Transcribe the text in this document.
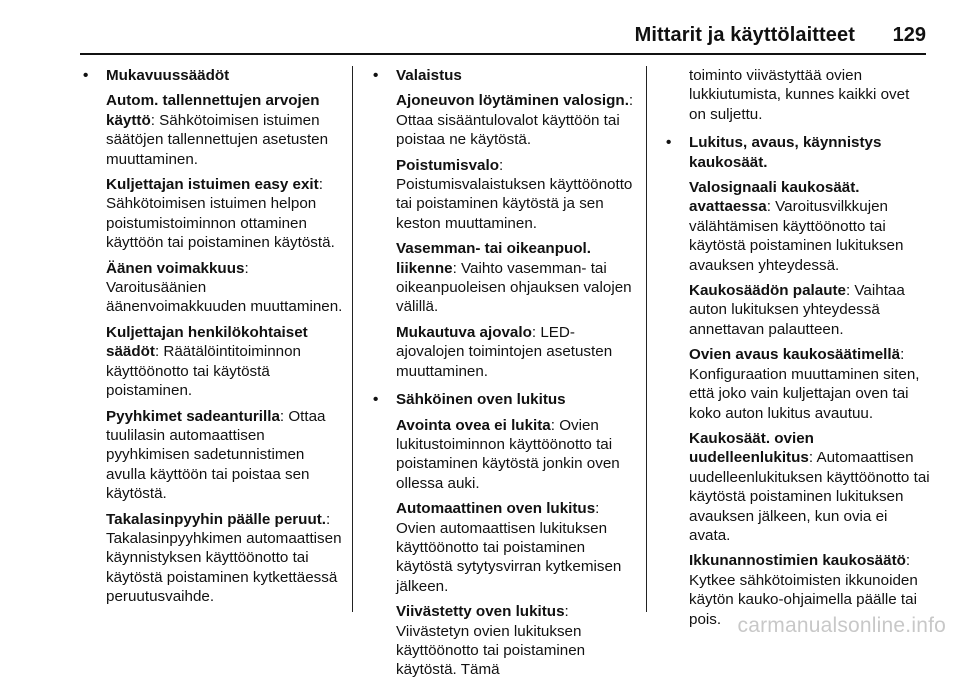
Mittarit ja käyttölaitteet 129
• Mukavuussäädöt
Autom. tallennettujen arvojen käyttö: Sähkötoimisen istuimen säätöjen tallennettujen asetusten muuttaminen.
Kuljettajan istuimen easy exit: Sähkötoimisen istuimen helpon poistumistoiminnon ottaminen käyttöön tai poistaminen käytöstä.
Äänen voimakkuus: Varoitusäänien äänenvoimakkuuden muuttaminen.
Kuljettajan henkilökohtaiset säädöt: Räätälöintitoiminnon käyttöönotto tai käytöstä poistaminen.
Pyyhkimet sadeanturilla: Ottaa tuulilasin automaattisen pyyhkimisen sadetunnistimen avulla käyttöön tai poistaa sen käytöstä.
Takalasinpyyhin päälle peruut.: Takalasinpyyhkimen automaattisen käynnistyksen käyttöönotto tai käytöstä poistaminen kytkettäessä peruutusvaihde.
• Valaistus
Ajoneuvon löytäminen valosign.: Ottaa sisääntulovalot käyttöön tai poistaa ne käytöstä.
Poistumisvalo: Poistumisvalaistuksen käyttöönotto tai poistaminen käytöstä ja sen keston muuttaminen.
Vasemman- tai oikeanpuol. liikenne: Vaihto vasemman- tai oikeanpuoleisen ohjauksen valojen välillä.
Mukautuva ajovalo: LED-ajovalojen toimintojen asetusten muuttaminen.
• Sähköinen oven lukitus
Avointa ovea ei lukita: Ovien lukitustoiminnon käyttöönotto tai poistaminen käytöstä jonkin oven ollessa auki.
Automaattinen oven lukitus: Ovien automaattisen lukituksen käyttöönotto tai poistaminen käytöstä sytytysvirran kytkemisen jälkeen.
Viivästetty oven lukitus: Viivästetyn ovien lukituksen käyttöönotto tai poistaminen käytöstä. Tämä
toiminto viivästyttää ovien lukkiutumista, kunnes kaikki ovet on suljettu.
• Lukitus, avaus, käynnistys kaukosäät.
Valosignaali kaukosäät. avattaessa: Varoitusvilkkujen välähtämisen käyttöönotto tai käytöstä poistaminen lukituksen avauksen yhteydessä.
Kaukosäädön palaute: Vaihtaa auton lukituksen yhteydessä annettavan palautteen.
Ovien avaus kaukosäätimellä: Konfiguraation muuttaminen siten, että joko vain kuljettajan oven tai koko auton lukitus avautuu.
Kaukosäät. ovien uudelleenlukitus: Automaattisen uudelleenlukituksen käyttöönotto tai käytöstä poistaminen lukituksen avauksen jälkeen, kun ovia ei avata.
Ikkunannostimien kaukosäätö: Kytkee sähkötoimisten ikkunoiden käytön kauko-ohjaimella päälle tai pois. carmanualsonline.info
